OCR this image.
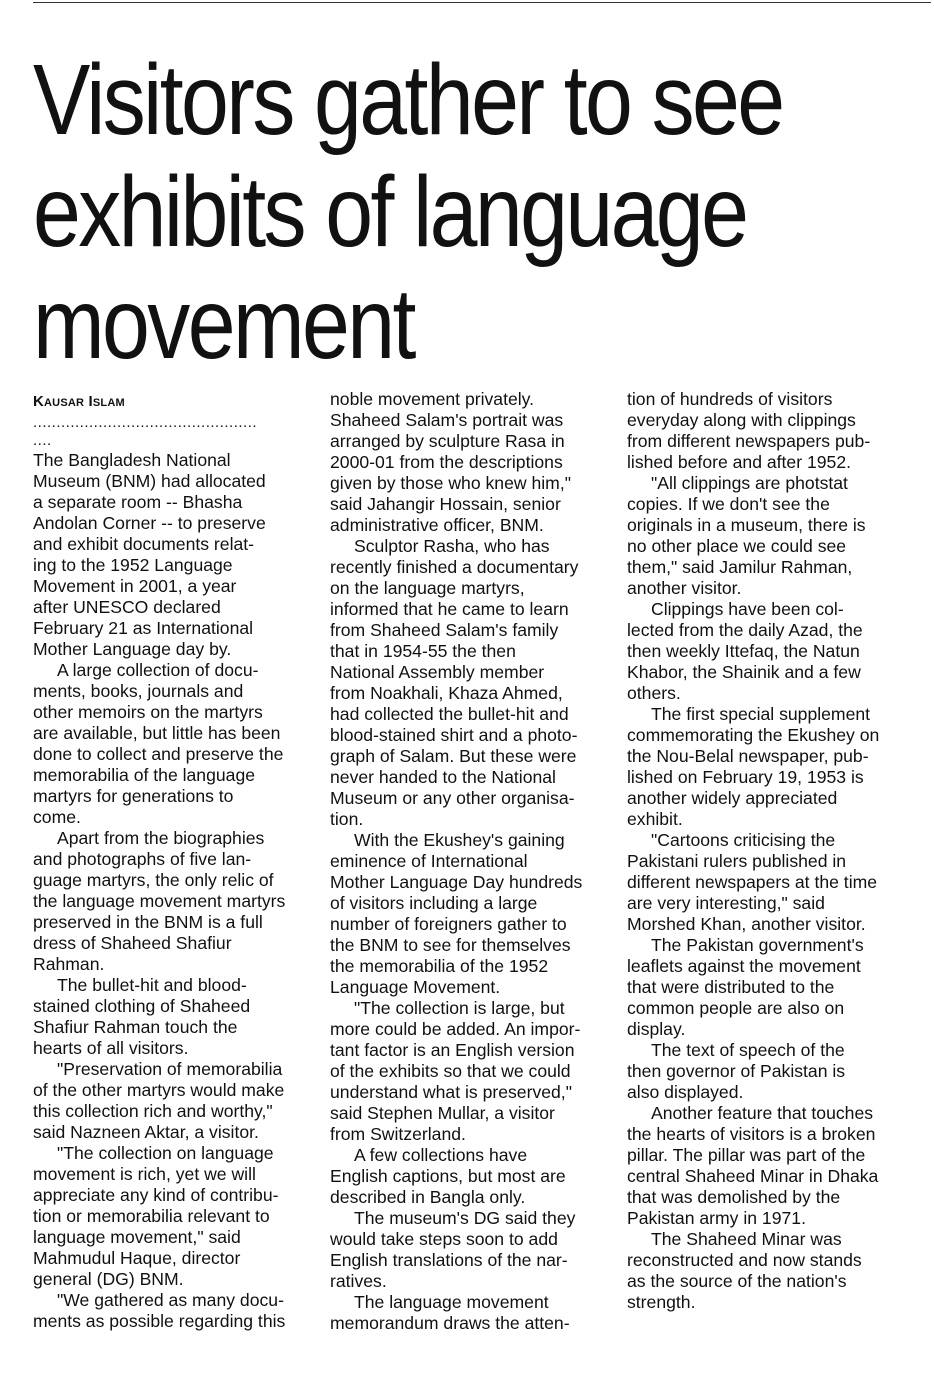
Visitors gather to see
exhibits of language
movement
Kausar Islam
................................................
....

The Bangladesh National
Museum (BNM) had allocated
a separate room -- Bhasha
Andolan Corner -- to preserve
and exhibit documents relat-
ing to the 1952 Language
Movement in 2001, a year
after UNESCO declared
February 21 as International
Mother Language day by.

A large collection of docu-
ments, books, journals and
other memoirs on the martyrs
are available, but little has been
done to collect and preserve the
memorabilia of the language
martyrs for generations to
come.

Apart from the biographies
and photographs of five lan-
guage martyrs, the only relic of
the language movement martyrs
preserved in the BNM is a full
dress of Shaheed Shafiur
Rahman.

The bullet-hit and blood-
stained clothing of Shaheed
Shafiur Rahman touch the
hearts of all visitors.

"Preservation of memorabilia
of the other martyrs would make
this collection rich and worthy,"
said Nazneen Aktar, a visitor.

"The collection on language
movement is rich, yet we will
appreciate any kind of contribu-
tion or memorabilia relevant to
language movement," said
Mahmudul Haque, director
general (DG) BNM.

"We gathered as many docu-
ments as possible regarding this

noble movement privately.
Shaheed Salam's portrait was
arranged by sculpture Rasa in
2000-01 from the descriptions
given by those who knew him,"
said Jahangir Hossain, senior
administrative officer, BNM.

Sculptor Rasha, who has
recently finished a documentary
on the language martyrs,
informed that he came to learn
from Shaheed Salam's family
that in 1954-55 the then
National Assembly member
from Noakhali, Khaza Ahmed,
had collected the bullet-hit and
blood-stained shirt and a photo-
graph of Salam. But these were
never handed to the National
Museum or any other organisa-
tion.

With the Ekushey's gaining
eminence of International
Mother Language Day hundreds
of visitors including a large
number of foreigners gather to
the BNM to see for themselves
the memorabilia of the 1952
Language Movement.

"The collection is large, but
more could be added. An impor-
tant factor is an English version
of the exhibits so that we could
understand what is preserved,"
said Stephen Mullar, a visitor
from Switzerland.

A few collections have
English captions, but most are
described in Bangla only.

The museum's DG said they
would take steps soon to add
English translations of the nar-
ratives.

The language movement
memorandum draws the atten-

tion of hundreds of visitors
everyday along with clippings
from different newspapers pub-
lished before and after 1952.

"All clippings are photstat
copies. If we don't see the
originals in a museum, there is
no other place we could see
them," said Jamilur Rahman,
another visitor.

Clippings have been col-
lected from the daily Azad, the
then weekly Ittefaq, the Natun
Khabor, the Shainik and a few
others.

The first special supplement
commemorating the Ekushey on
the Nou-Belal newspaper, pub-
lished on February 19, 1953 is
another widely appreciated
exhibit.

"Cartoons criticising the
Pakistani rulers published in
different newspapers at the time
are very interesting," said
Morshed Khan, another visitor.

The Pakistan government's
leaflets against the movement
that were distributed to the
common people are also on
display.

The text of speech of the
then governor of Pakistan is
also displayed.

Another feature that touches
the hearts of visitors is a broken
pillar. The pillar was part of the
central Shaheed Minar in Dhaka
that was demolished by the
Pakistan army in 1971.

The Shaheed Minar was
reconstructed and now stands
as the source of the nation's
strength.
